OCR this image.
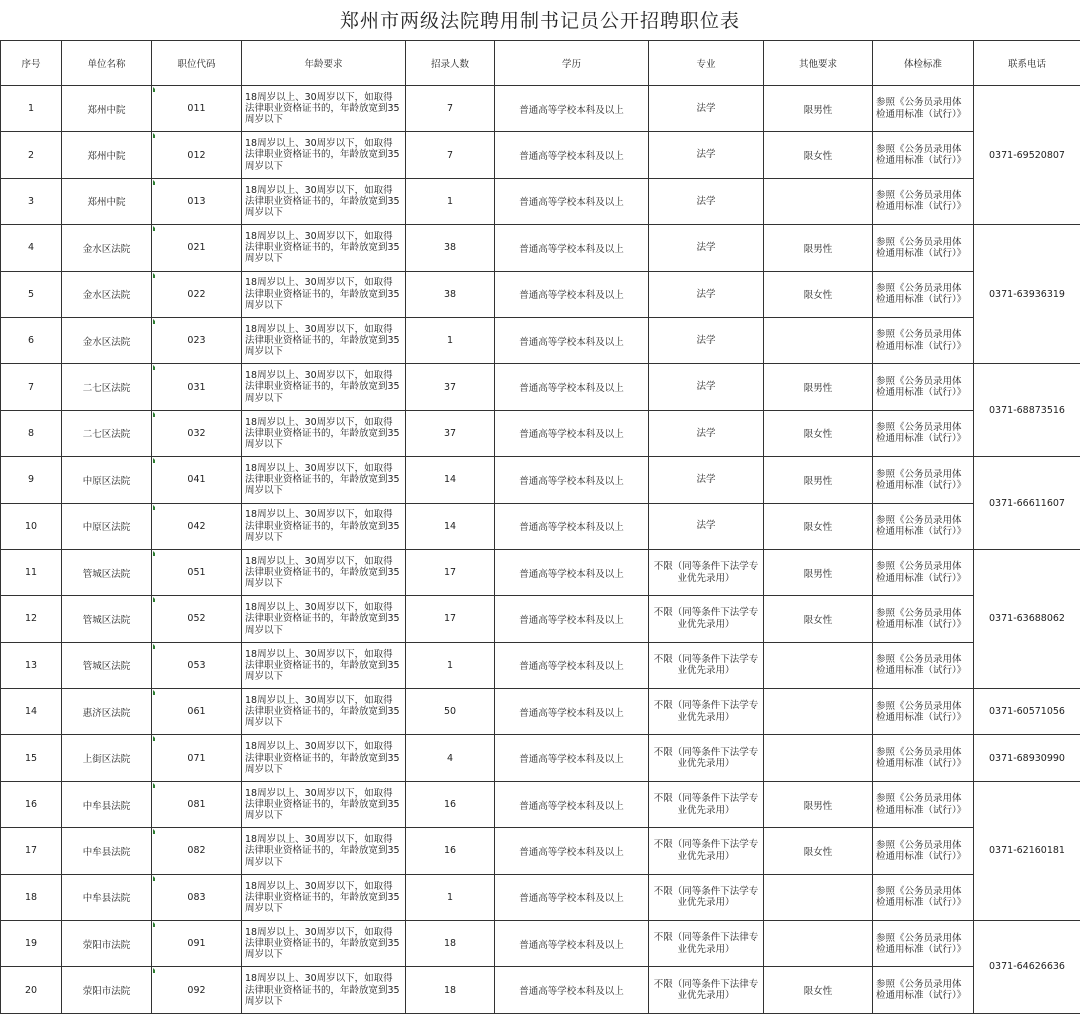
郑州市两级法院聘用制书记员公开招聘职位表
序号	单位名称	职位代码	年龄要求	招录人数	学历	专业	其他要求	体检标准	联系电话
1	郑州中院	011	18周岁以上、30周岁以下，如取得法律职业资格证书的，年龄放宽到35周岁以下	7	普通高等学校本科及以上	法学	限男性	参照《公务员录用体检通用标准（试行）》	0371-69520807
2	郑州中院	012	18周岁以上、30周岁以下，如取得法律职业资格证书的，年龄放宽到35周岁以下	7	普通高等学校本科及以上	法学	限女性	参照《公务员录用体检通用标准（试行）》	
3	郑州中院	013	18周岁以上、30周岁以下，如取得法律职业资格证书的，年龄放宽到35周岁以下	1	普通高等学校本科及以上	法学		参照《公务员录用体检通用标准（试行）》	
4	金水区法院	021	18周岁以上、30周岁以下，如取得法律职业资格证书的，年龄放宽到35周岁以下	38	普通高等学校本科及以上	法学	限男性	参照《公务员录用体检通用标准（试行）》	0371-63936319
5	金水区法院	022	18周岁以上、30周岁以下，如取得法律职业资格证书的，年龄放宽到35周岁以下	38	普通高等学校本科及以上	法学	限女性	参照《公务员录用体检通用标准（试行）》	
6	金水区法院	023	18周岁以上、30周岁以下，如取得法律职业资格证书的，年龄放宽到35周岁以下	1	普通高等学校本科及以上	法学		参照《公务员录用体检通用标准（试行）》	
7	二七区法院	031	18周岁以上、30周岁以下，如取得法律职业资格证书的，年龄放宽到35周岁以下	37	普通高等学校本科及以上	法学	限男性	参照《公务员录用体检通用标准（试行）》	0371-68873516
8	二七区法院	032	18周岁以上、30周岁以下，如取得法律职业资格证书的，年龄放宽到35周岁以下	37	普通高等学校本科及以上	法学	限女性	参照《公务员录用体检通用标准（试行）》	
9	中原区法院	041	18周岁以上、30周岁以下，如取得法律职业资格证书的，年龄放宽到35周岁以下	14	普通高等学校本科及以上	法学	限男性	参照《公务员录用体检通用标准（试行）》	0371-66611607
10	中原区法院	042	18周岁以上、30周岁以下，如取得法律职业资格证书的，年龄放宽到35周岁以下	14	普通高等学校本科及以上	法学	限女性	参照《公务员录用体检通用标准（试行）》	
11	管城区法院	051	18周岁以上、30周岁以下，如取得法律职业资格证书的，年龄放宽到35周岁以下	17	普通高等学校本科及以上	不限（同等条件下法学专业优先录用）	限男性	参照《公务员录用体检通用标准（试行）》	0371-63688062
12	管城区法院	052	18周岁以上、30周岁以下，如取得法律职业资格证书的，年龄放宽到35周岁以下	17	普通高等学校本科及以上	不限（同等条件下法学专业优先录用）	限女性	参照《公务员录用体检通用标准（试行）》	
13	管城区法院	053	18周岁以上、30周岁以下，如取得法律职业资格证书的，年龄放宽到35周岁以下	1	普通高等学校本科及以上	不限（同等条件下法学专业优先录用）		参照《公务员录用体检通用标准（试行）》	
14	惠济区法院	061	18周岁以上、30周岁以下，如取得法律职业资格证书的，年龄放宽到35周岁以下	50	普通高等学校本科及以上	不限（同等条件下法学专业优先录用）		参照《公务员录用体检通用标准（试行）》	0371-60571056
15	上街区法院	071	18周岁以上、30周岁以下，如取得法律职业资格证书的，年龄放宽到35周岁以下	4	普通高等学校本科及以上	不限（同等条件下法学专业优先录用）		参照《公务员录用体检通用标准（试行）》	0371-68930990
16	中牟县法院	081	18周岁以上、30周岁以下，如取得法律职业资格证书的，年龄放宽到35周岁以下	16	普通高等学校本科及以上	不限（同等条件下法学专业优先录用）	限男性	参照《公务员录用体检通用标准（试行）》	0371-62160181
17	中牟县法院	082	18周岁以上、30周岁以下，如取得法律职业资格证书的，年龄放宽到35周岁以下	16	普通高等学校本科及以上	不限（同等条件下法学专业优先录用）	限女性	参照《公务员录用体检通用标准（试行）》	
18	中牟县法院	083	18周岁以上、30周岁以下，如取得法律职业资格证书的，年龄放宽到35周岁以下	1	普通高等学校本科及以上	不限（同等条件下法学专业优先录用）		参照《公务员录用体检通用标准（试行）》	
19	荥阳市法院	091	18周岁以上、30周岁以下，如取得法律职业资格证书的，年龄放宽到35周岁以下	18	普通高等学校本科及以上	不限（同等条件下法律专业优先录用）		参照《公务员录用体检通用标准（试行）》	0371-64626636
20	荥阳市法院	092	18周岁以上、30周岁以下，如取得法律职业资格证书的，年龄放宽到35周岁以下	18	普通高等学校本科及以上	不限（同等条件下法律专业优先录用）	限女性	参照《公务员录用体检通用标准（试行）》	
